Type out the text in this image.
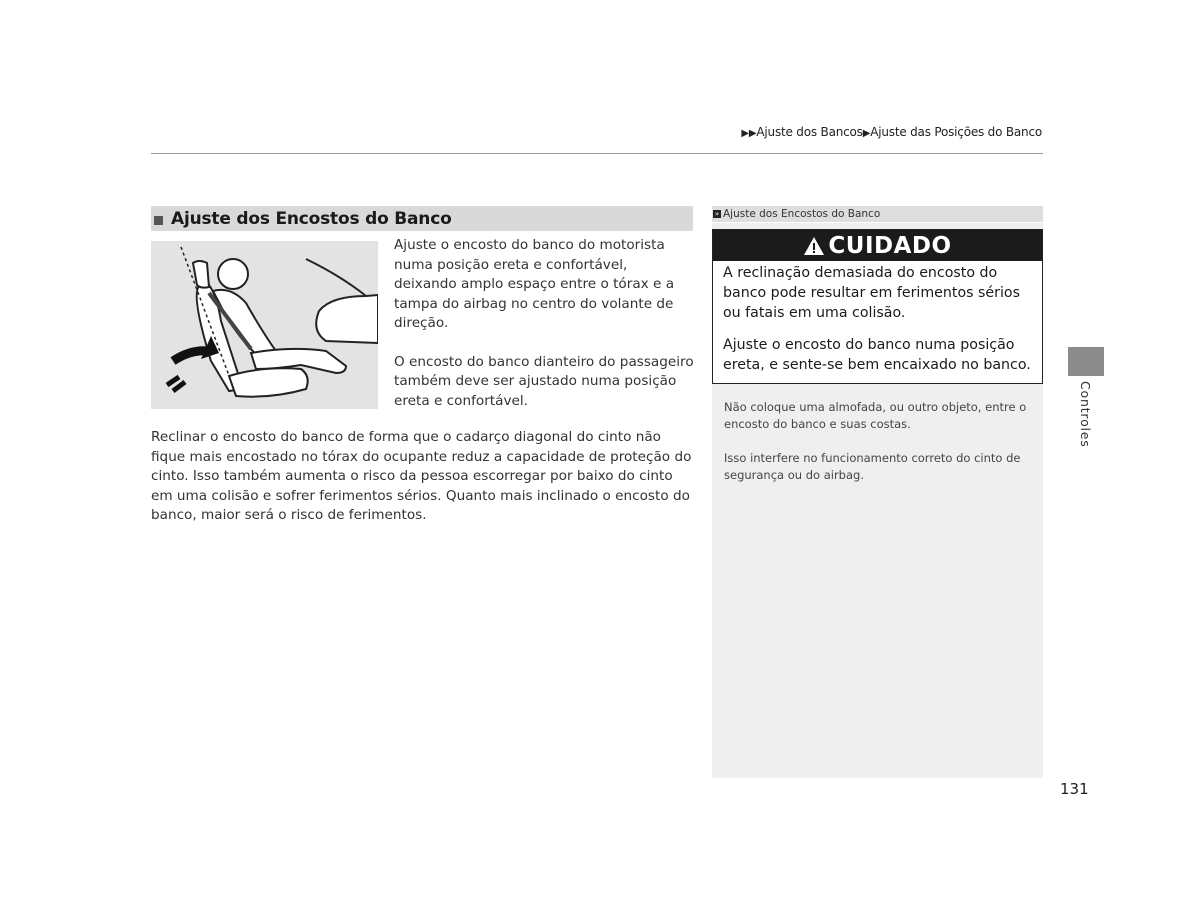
▶▶Ajuste dos Bancos▶Ajuste das Posições do Banco
Ajuste dos Encostos do Banco

Ajuste o encosto do banco do motorista numa posição ereta e confortável, deixando amplo espaço entre o tórax e a tampa do airbag no centro do volante de direção.

O encosto do banco dianteiro do passageiro também deve ser ajustado numa posição ereta e confortável.

Reclinar o encosto do banco de forma que o cadarço diagonal do cinto não fique mais encostado no tórax do ocupante reduz a capacidade de proteção do cinto. Isso também aumenta o risco da pessoa escorregar por baixo do cinto em uma colisão e sofrer ferimentos sérios. Quanto mais inclinado o encosto do banco, maior será o risco de ferimentos.
» Ajuste dos Encostos do Banco
CUIDADO

A reclinação demasiada do encosto do banco pode resultar em ferimentos sérios ou fatais em uma colisão.

Ajuste o encosto do banco numa posição ereta, e sente-se bem encaixado no banco.

Não coloque uma almofada, ou outro objeto, entre o encosto do banco e suas costas.

Isso interfere no funcionamento correto do cinto de segurança ou do airbag.

Controles
131
